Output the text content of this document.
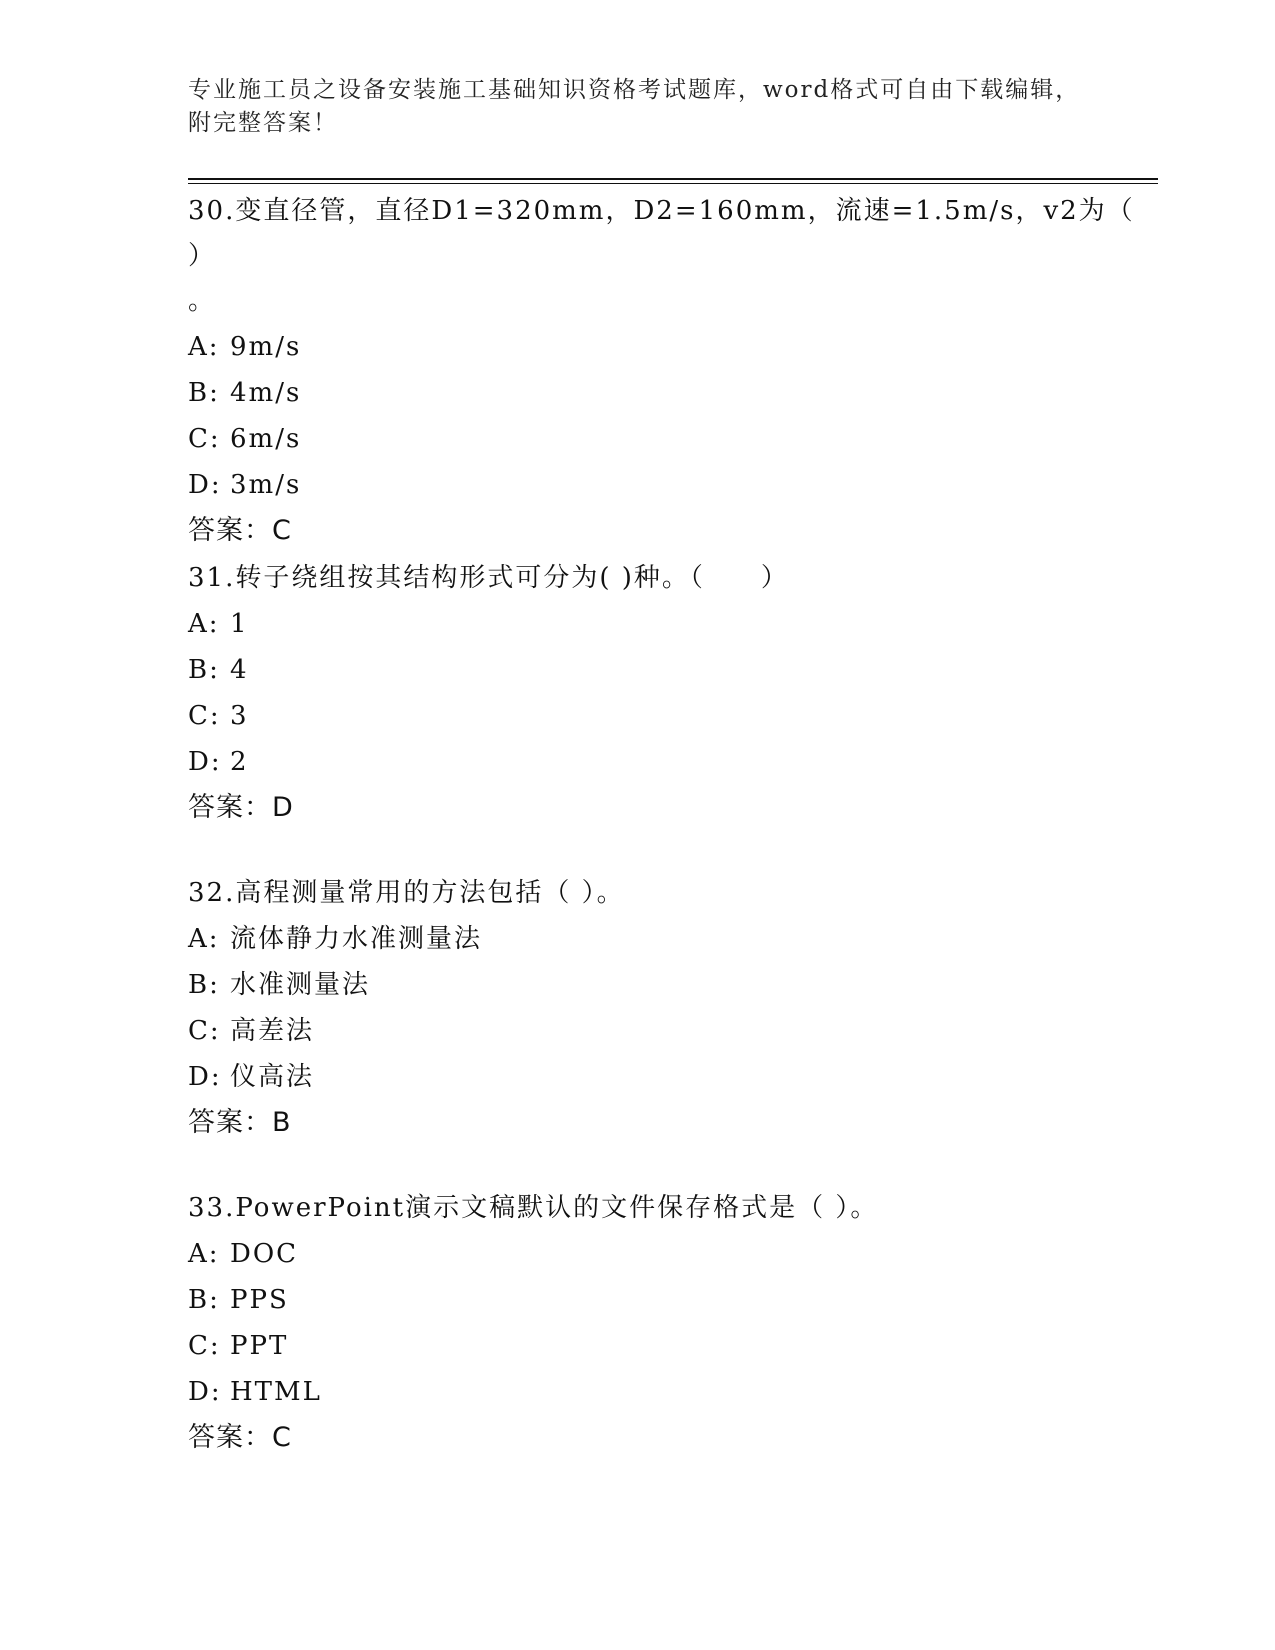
专业施工员之设备安装施工基础知识资格考试题库，word格式可自由下载编辑，
附完整答案！
30.变直径管，直径D1=320mm，D2=160mm，流速=1.5m/s，v2为（ ）
。
A: 9m/s
B: 4m/s
C: 6m/s
D: 3m/s
答案：C
31.转子绕组按其结构形式可分为( )种。（　　）
A: 1
B: 4
C: 3
D: 2
答案：D
32.高程测量常用的方法包括（ ）。
A: 流体静力水准测量法
B: 水准测量法
C: 高差法
D: 仪高法
答案：B
33.PowerPoint演示文稿默认的文件保存格式是（ ）。
A: DOC
B: PPS
C: PPT
D: HTML
答案：C
